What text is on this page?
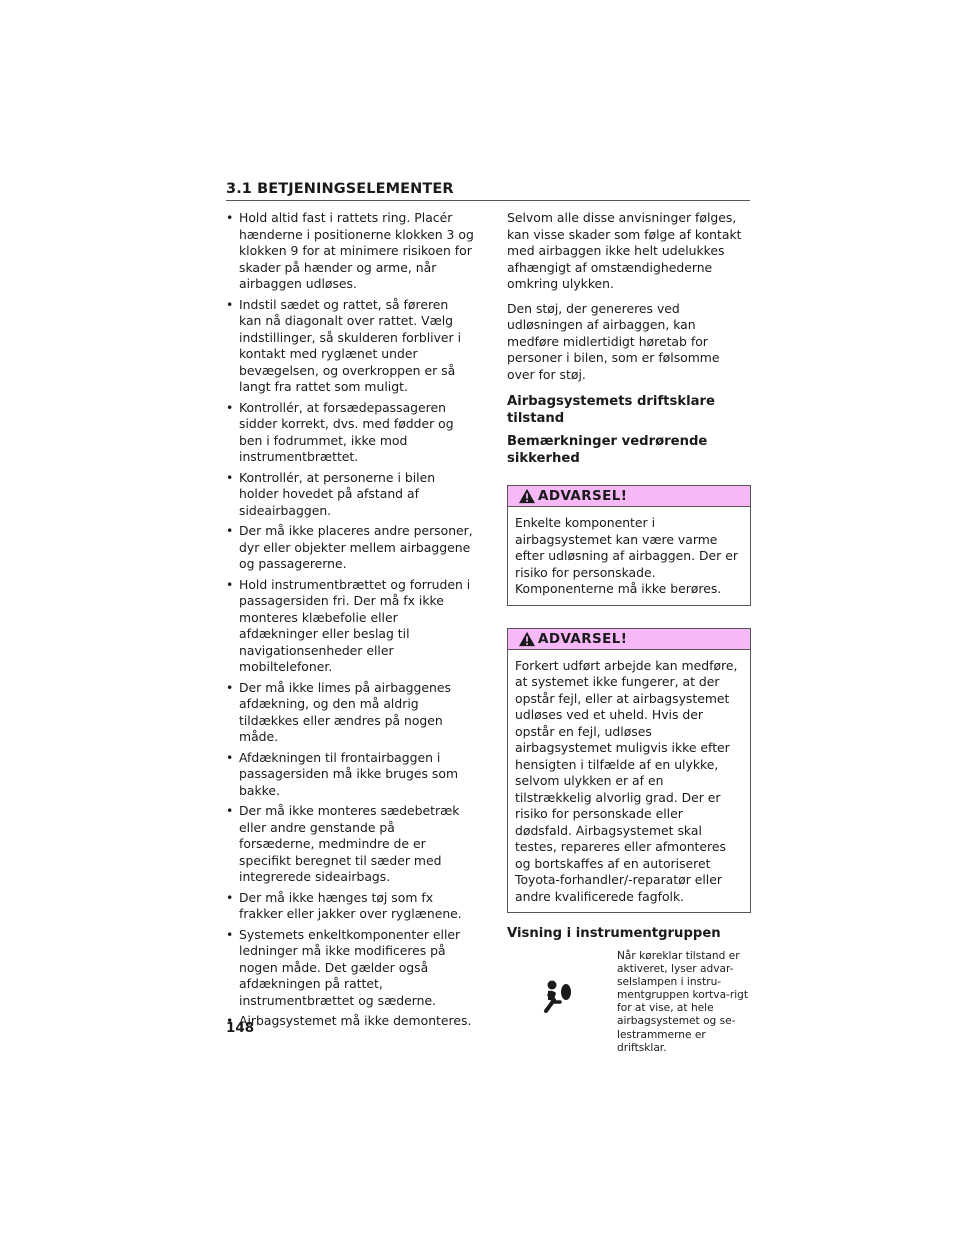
3.1 BETJENINGSELEMENTER
• Hold altid fast i rattets ring. Placér hænderne i positionerne klokken 3 og klokken 9 for at minimere risikoen for skader på hænder og arme, når airbaggen udløses.
• Indstil sædet og rattet, så føreren kan nå diagonalt over rattet. Vælg indstillinger, så skulderen forbliver i kontakt med ryglænet under bevægelsen, og overkroppen er så langt fra rattet som muligt.
• Kontrollér, at forsædepassageren sidder korrekt, dvs. med fødder og ben i fodrummet, ikke mod instrumentbrættet.
• Kontrollér, at personerne i bilen holder hovedet på afstand af sideairbaggen.
• Der må ikke placeres andre personer, dyr eller objekter mellem airbaggene og passagererne.
• Hold instrumentbrættet og forruden i passagersiden fri. Der må fx ikke monteres klæbefolie eller afdækninger eller beslag til navigationsenheder eller mobiltelefoner.
• Der må ikke limes på airbaggenes afdækning, og den må aldrig tildækkes eller ændres på nogen måde.
• Afdækningen til frontairbaggen i passagersiden må ikke bruges som bakke.
• Der må ikke monteres sædebetræk eller andre genstande på forsæderne, medmindre de er specifikt beregnet til sæder med integrerede sideairbags.
• Der må ikke hænges tøj som fx frakker eller jakker over ryglænene.
• Systemets enkeltkomponenter eller ledninger må ikke modificeres på nogen måde. Det gælder også afdækningen på rattet, instrumentbrættet og sæderne.
• Airbagsystemet må ikke demonteres.

Selvom alle disse anvisninger følges, kan visse skader som følge af kontakt med airbaggen ikke helt udelukkes afhængigt af omstændighederne omkring ulykken.

Den støj, der genereres ved udløsningen af airbaggen, kan medføre midlertidigt høretab for personer i bilen, som er følsomme over for støj.

Airbagsystemets driftsklare tilstand
Bemærkninger vedrørende sikkerhed
ADVARSEL!
Enkelte komponenter i airbagsystemet kan være varme efter udløsning af airbaggen. Der er risiko for personskade. Komponenterne må ikke berøres.
ADVARSEL!
Forkert udført arbejde kan medføre, at systemet ikke fungerer, at der opstår fejl, eller at airbagsystemet udløses ved et uheld. Hvis der opstår en fejl, udløses airbagsystemet muligvis ikke efter hensigten i tilfælde af en ulykke, selvom ulykken er af en tilstrækkelig alvorlig grad. Der er risiko for personskade eller dødsfald. Airbagsystemet skal testes, repareres eller afmonteres og bortskaffes af en autoriseret Toyota-forhandler/-reparatør eller andre kvalificerede fagfolk.
Visning i instrumentgruppen
Når køreklar tilstand er aktiveret, lyser advar-selslampen i instru-mentgruppen kortva-rigt for at vise, at hele airbagsystemet og se-lestrammerne er driftsklar.
148
